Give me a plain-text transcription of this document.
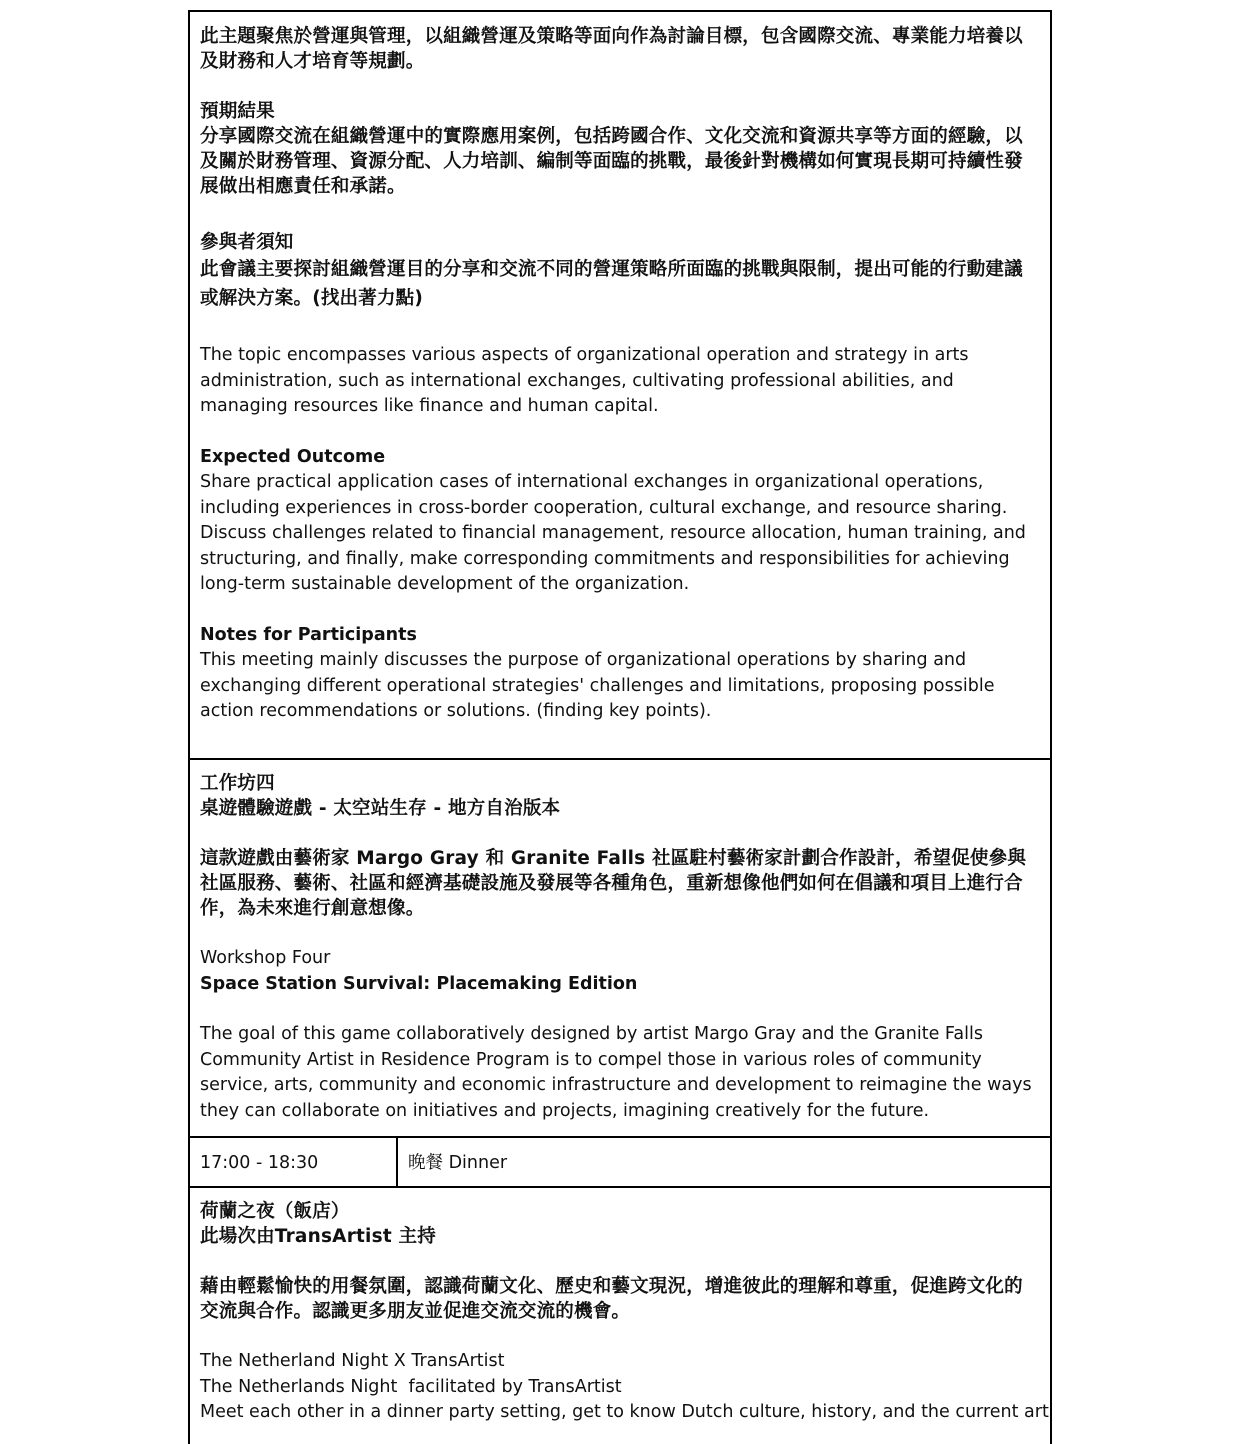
此主題聚焦於營運與管理，以組織營運及策略等面向作為討論目標，包含國際交流、專業能力培養以及財務和人才培育等規劃。

預期結果

分享國際交流在組織營運中的實際應用案例，包括跨國合作、文化交流和資源共享等方面的經驗，以及關於財務管理、資源分配、人力培訓、編制等面臨的挑戰，最後針對機構如何實現長期可持續性發展做出相應責任和承諾。

參與者須知

此會議主要探討組織營運目的分享和交流不同的營運策略所面臨的挑戰與限制，提出可能的行動建議或解決方案。(找出著力點)

The topic encompasses various aspects of organizational operation and strategy in arts administration, such as international exchanges, cultivating professional abilities, and managing resources like finance and human capital.

Expected Outcome

Share practical application cases of international exchanges in organizational operations, including experiences in cross-border cooperation, cultural exchange, and resource sharing. Discuss challenges related to financial management, resource allocation, human training, and structuring, and finally, make corresponding commitments and responsibilities for achieving long-term sustainable development of the organization.

Notes for Participants

This meeting mainly discusses the purpose of organizational operations by sharing and exchanging different operational strategies' challenges and limitations, proposing possible action recommendations or solutions. (finding key points).

工作坊四

桌遊體驗遊戲 - 太空站生存 - 地方自治版本

這款遊戲由藝術家 Margo Gray 和 Granite Falls 社區駐村藝術家計劃合作設計，希望促使參與社區服務、藝術、社區和經濟基礎設施及發展等各種角色，重新想像他們如何在倡議和項目上進行合作，為未來進行創意想像。

Workshop Four

Space Station Survival: Placemaking Edition

The goal of this game collaboratively designed by artist Margo Gray and the Granite Falls Community Artist in Residence Program is to compel those in various roles of community service, arts, community and economic infrastructure and development to reimagine the ways they can collaborate on initiatives and projects, imagining creatively for the future.

17:00 - 18:30	晚餐 Dinner

荷蘭之夜（飯店）

此場次由TransArtist 主持

藉由輕鬆愉快的用餐氛圍，認識荷蘭文化、歷史和藝文現況，增進彼此的理解和尊重，促進跨文化的交流與合作。認識更多朋友並促進交流交流的機會。

The Netherland Night X TransArtist

The Netherlands Night  facilitated by TransArtist

Meet each other in a dinner party setting, get to know Dutch culture, history, and the current art
